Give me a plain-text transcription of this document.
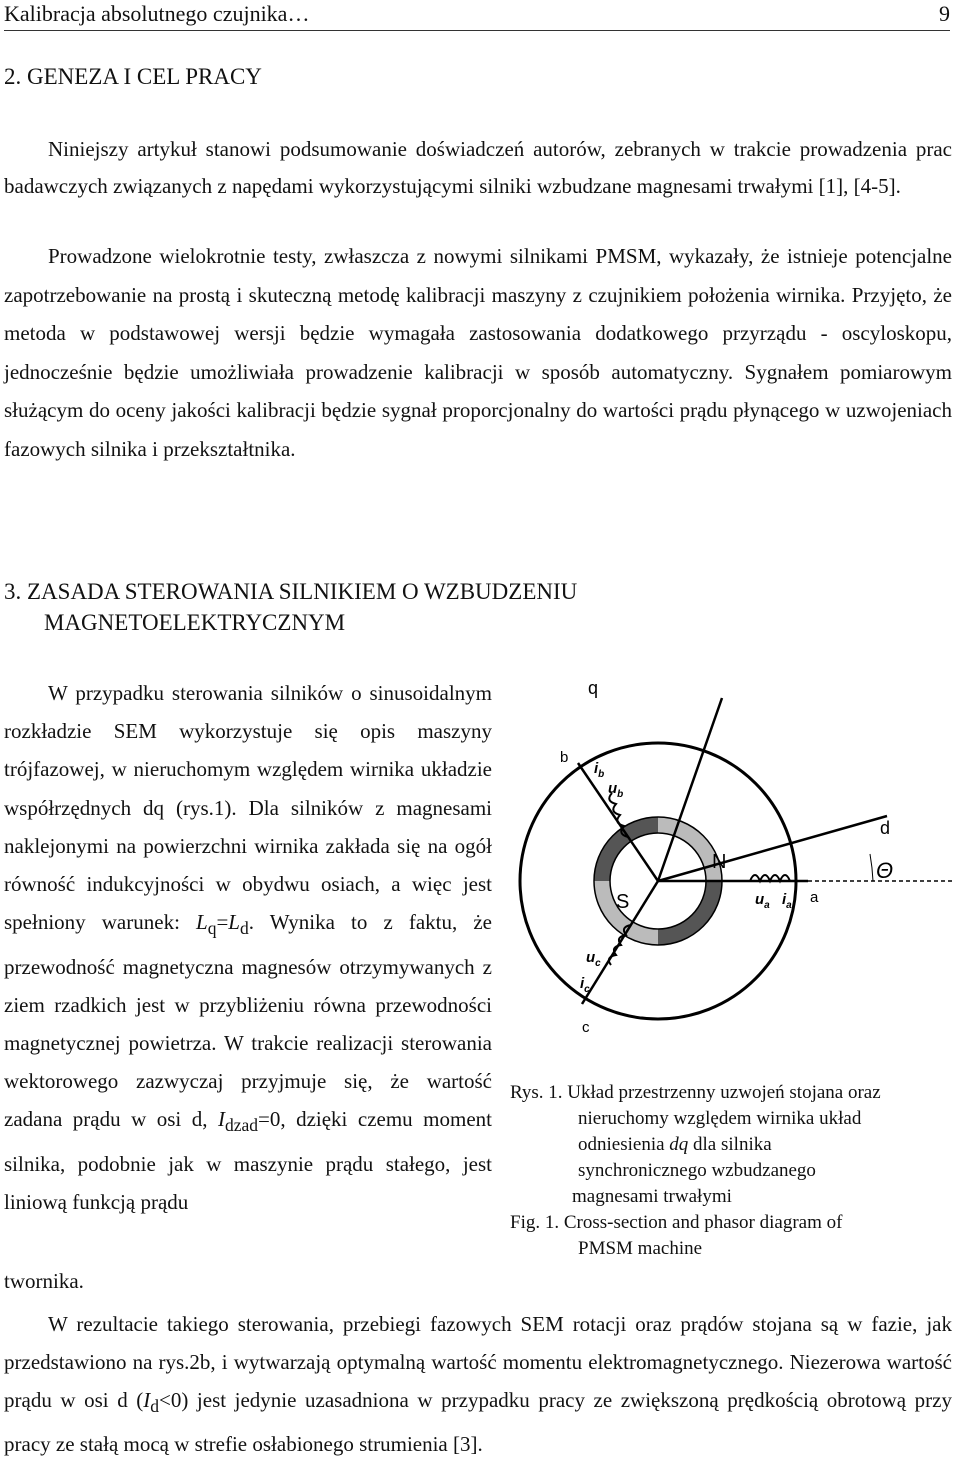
Kalibracja absolutnego czujnika…	9
2. GENEZA I CEL PRACY

Niniejszy artykuł stanowi podsumowanie doświadczeń autorów, zebranych w trakcie prowadzenia prac badawczych związanych z napędami wykorzystującymi silniki wzbudzane magnesami trwałymi [1], [4-5].

Prowadzone wielokrotnie testy, zwłaszcza z nowymi silnikami PMSM, wykazały, że istnieje potencjalne zapotrzebowanie na prostą i skuteczną metodę kalibracji maszyny z czujnikiem położenia wirnika. Przyjęto, że metoda w podstawowej wersji będzie wymagała zastosowania dodatkowego przyrządu - oscyloskopu, jednocześnie będzie umożliwiała prowadzenie kalibracji w sposób automatyczny. Sygnałem pomiarowym służącym do oceny jakości kalibracji będzie sygnał proporcjonalny do wartości prądu płynącego w uzwojeniach fazowych silnika i przekształtnika.

3. ZASADA STEROWANIA SILNIKIEM O WZBUDZENIU
MAGNETOELEKTRYCZNYM

W przypadku sterowania silników o sinusoidalnym rozkładzie SEM wykorzystuje się opis maszyny trójfazowej, w nieruchomym względem wirnika układzie współrzędnych dq (rys.1). Dla silników z magnesami naklejonymi na powierzchni wirnika zakłada się na ogół równość indukcyjności w obydwu osiach, a więc jest spełniony warunek: $L_q=L_d$. Wynika to z faktu, że przewodność magnetyczna magnesów otrzymywanych z ziem rzadkich jest w przybliżeniu równa przewodności magnetycznej powietrza. W trakcie realizacji sterowania wektorowego zazwyczaj przyjmuje się, że wartość zadana prądu w osi d, $I_{dzad}=0$, dzięki czemu moment silnika, podobnie jak w maszynie prądu stałego, jest liniową funkcją prądu

twornika.

q
d
a
b
c
N
S
Θ
$i_b$
$u_b$
$u_a$ $i_a$
$u_c$
$i_c$
Rys. 1. Układ przestrzenny uzwojeń stojana oraz
nieruchomy względem wirnika układ
odniesienia dq dla silnika
synchronicznego wzbudzanego
magnesami trwałymi
Fig. 1. Cross-section and phasor diagram of
PMSM machine

W rezultacie takiego sterowania, przebiegi fazowych SEM rotacji oraz prądów stojana są w fazie, jak przedstawiono na rys.2b, i wytwarzają optymalną wartość momentu elektromagnetycznego. Niezerowa wartość prądu w osi d $(I_d<0)$ jest jedynie uzasadniona w przypadku pracy ze zwiększoną prędkością obrotową przy pracy ze stałą mocą w strefie osłabionego strumienia [3].
